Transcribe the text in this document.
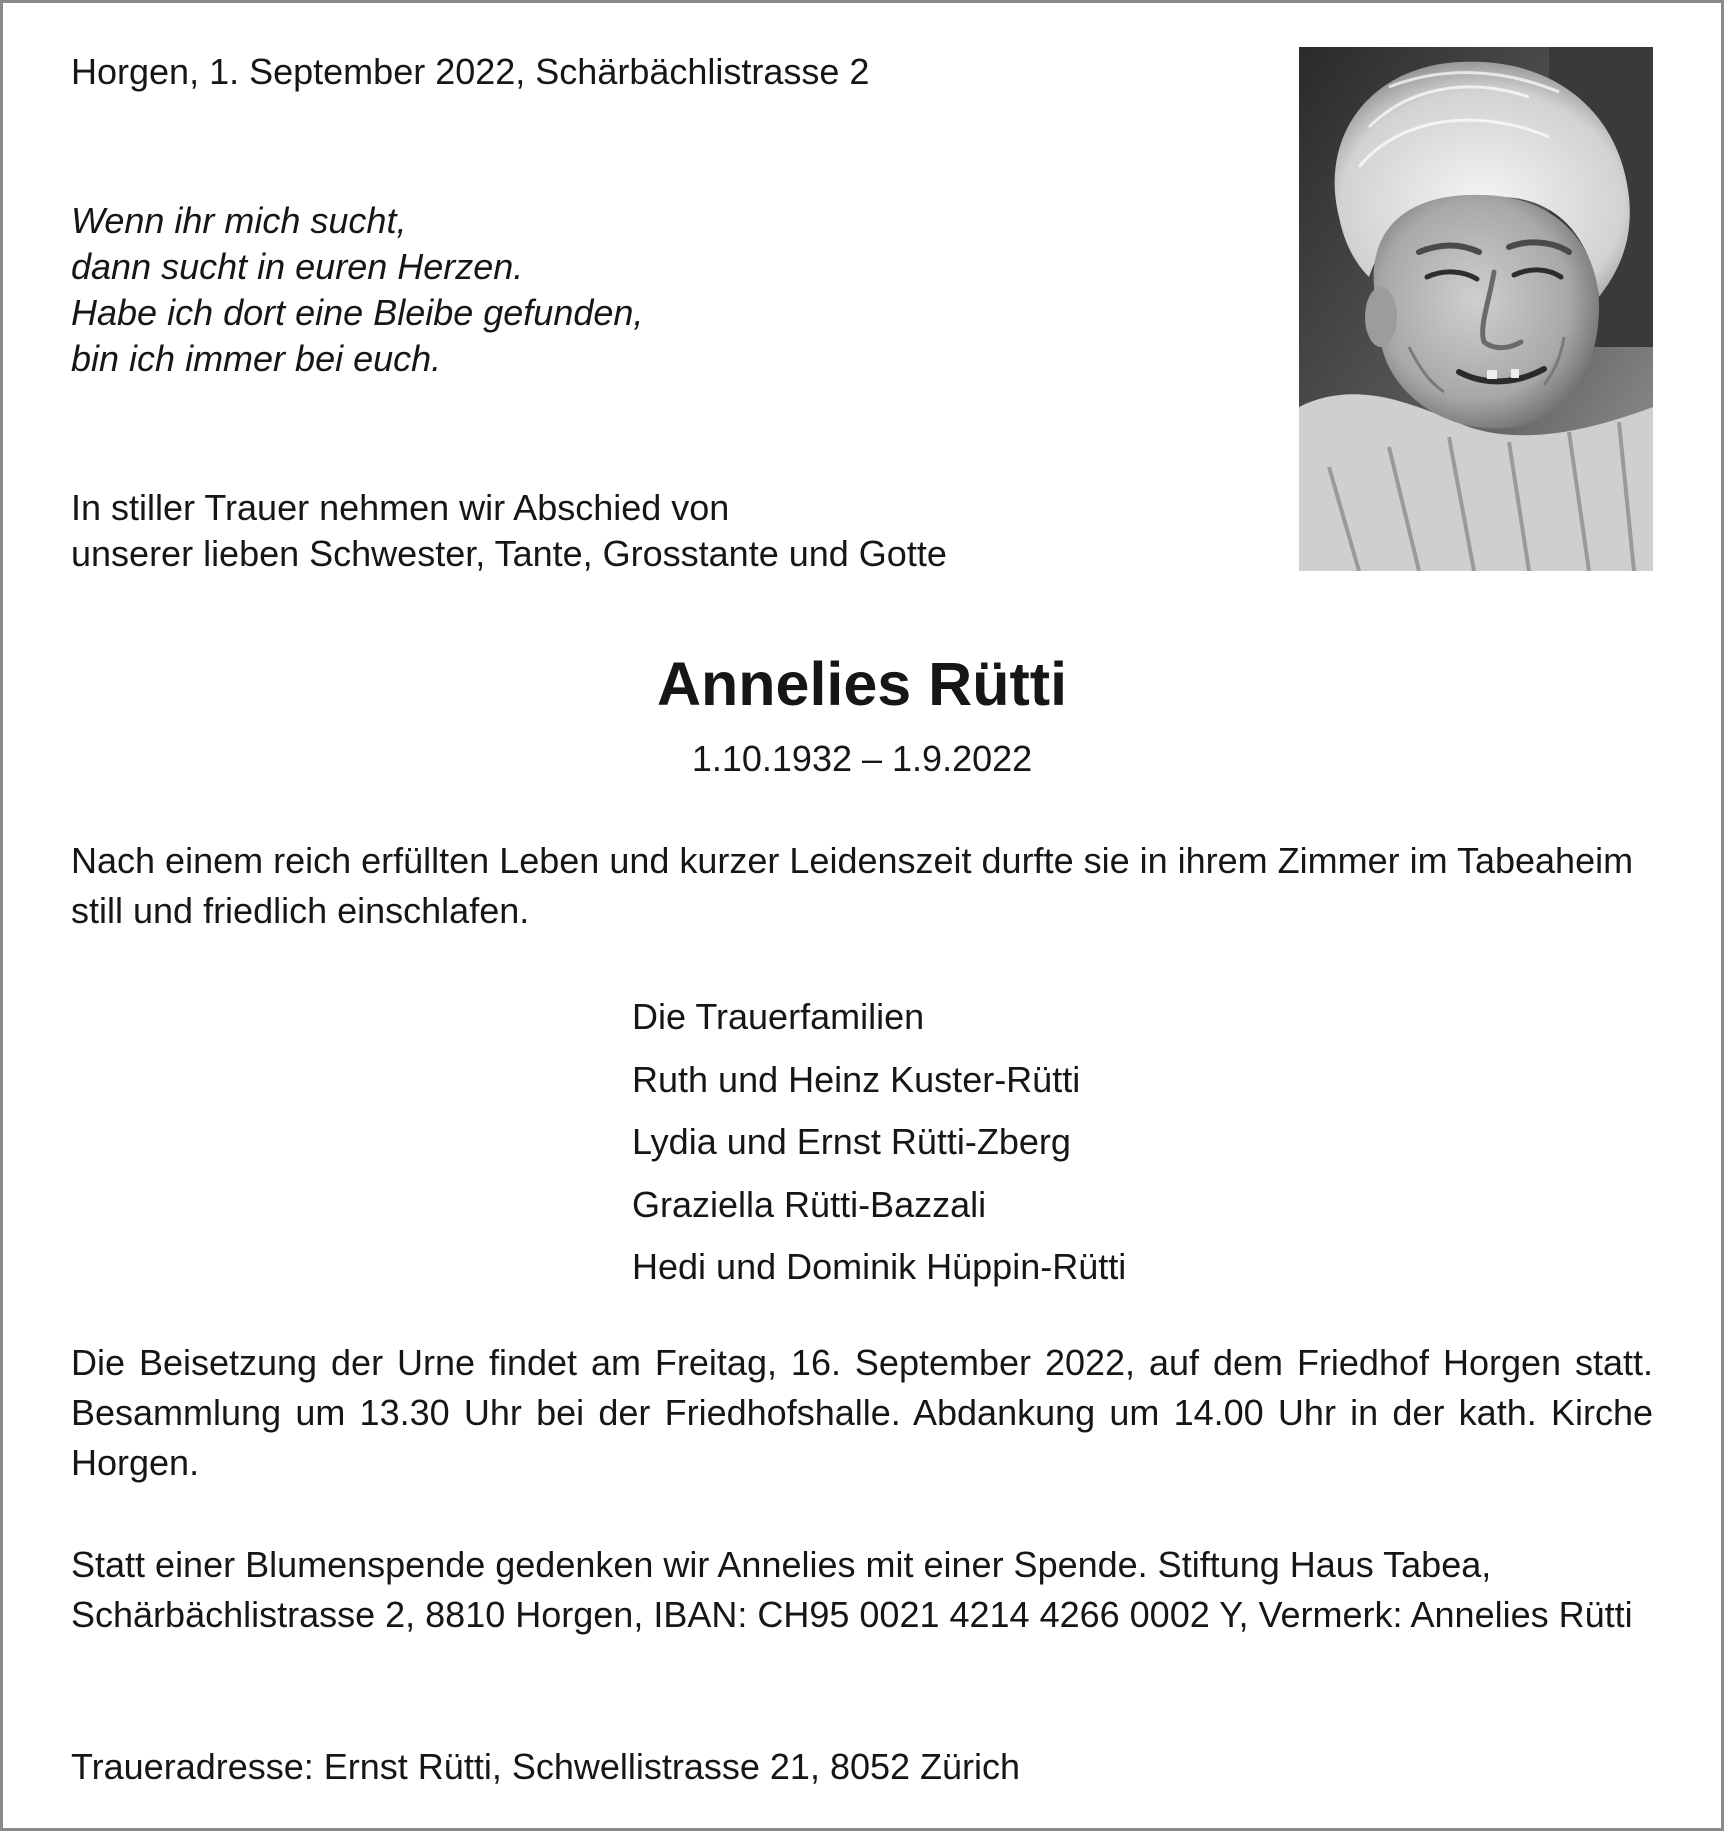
Horgen, 1. September 2022, Schärbächlistrasse 2

Wenn ihr mich sucht,
dann sucht in euren Herzen.
Habe ich dort eine Bleibe gefunden,
bin ich immer bei euch.
In stiller Trauer nehmen wir Abschied von
unserer lieben Schwester, Tante, Grosstante und Gotte
Annelies Rütti

1.10.1932 – 1.9.2022

Nach einem reich erfüllten Leben und kurzer Leidenszeit durfte sie in ihrem Zimmer im Tabeaheim still und friedlich einschlafen.

Die Trauerfamilien
Ruth und Heinz Kuster-Rütti
Lydia und Ernst Rütti-Zberg
Graziella Rütti-Bazzali
Hedi und Dominik Hüppin-Rütti

Die Beisetzung der Urne findet am Freitag, 16. September 2022, auf dem Friedhof Horgen statt. Besammlung um 13.30 Uhr bei der Friedhofshalle. Abdankung um 14.00 Uhr in der kath. Kirche Horgen.

Statt einer Blumenspende gedenken wir Annelies mit einer Spende. Stiftung Haus Tabea, Schärbächlistrasse 2, 8810 Horgen, IBAN: CH95 0021 4214 4266 0002 Y, Vermerk: Annelies Rütti

Traueradresse: Ernst Rütti, Schwellistrasse 21, 8052 Zürich
